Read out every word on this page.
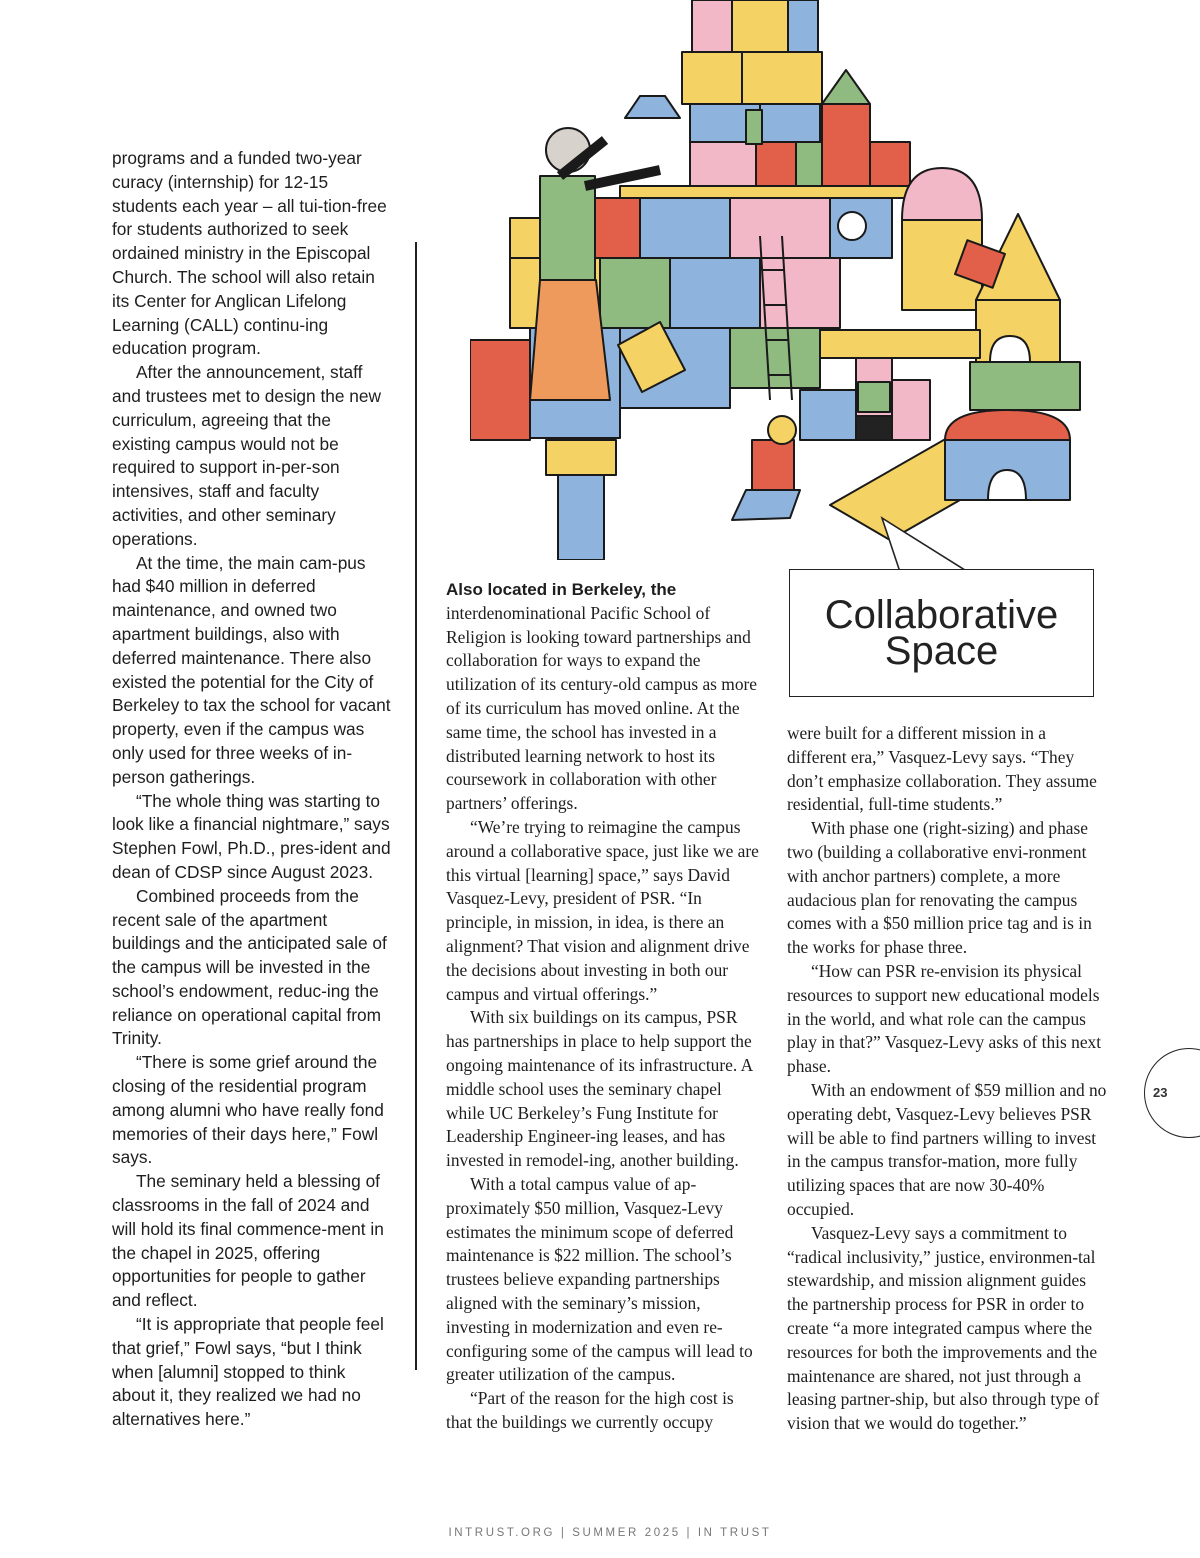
programs and a funded two-year curacy (internship) for 12-15 students each year – all tui-tion-free for students authorized to seek ordained ministry in the Episcopal Church. The school will also retain its Center for Anglican Lifelong Learning (CALL) continu-ing education program.

After the announcement, staff and trustees met to design the new curriculum, agreeing that the existing campus would not be required to support in-per-son intensives, staff and faculty activities, and other seminary operations.

At the time, the main cam-pus had $40 million in deferred maintenance, and owned two apartment buildings, also with deferred maintenance. There also existed the potential for the City of Berkeley to tax the school for vacant property, even if the campus was only used for three weeks of in-person gatherings.

“The whole thing was starting to look like a financial nightmare,” says Stephen Fowl, Ph.D., pres-ident and dean of CDSP since August 2023.

Combined proceeds from the recent sale of the apartment buildings and the anticipated sale of the campus will be invested in the school’s endowment, reduc-ing the reliance on operational capital from Trinity.

“There is some grief around the closing of the residential program among alumni who have really fond memories of their days here,” Fowl says.

The seminary held a blessing of classrooms in the fall of 2024 and will hold its final commence-ment in the chapel in 2025, offering opportunities for people to gather and reflect.

“It is appropriate that people feel that grief,” Fowl says, “but I think when [alumni] stopped to think about it, they realized we had no alternatives here.”

Collaborative
Space

Also located in Berkeley, the interdenominational Pacific School of Religion is looking toward partnerships and collaboration for ways to expand the utilization of its century-old campus as more of its curriculum has moved online. At the same time, the school has invested in a distributed learning network to host its coursework in collaboration with other partners’ offerings.

“We’re trying to reimagine the campus around a collaborative space, just like we are this virtual [learning] space,” says David Vasquez-Levy, president of PSR. “In principle, in mission, in idea, is there an alignment? That vision and alignment drive the decisions about investing in both our campus and virtual offerings.”

With six buildings on its campus, PSR has partnerships in place to help support the ongoing maintenance of its infrastructure. A middle school uses the seminary chapel while UC Berkeley’s Fung Institute for Leadership Engineer-ing leases, and has invested in remodel-ing, another building.

With a total campus value of ap-proximately $50 million, Vasquez-Levy estimates the minimum scope of deferred maintenance is $22 million. The school’s trustees believe expanding partnerships aligned with the seminary’s mission, investing in modernization and even re-configuring some of the campus will lead to greater utilization of the campus.

“Part of the reason for the high cost is that the buildings we currently occupy

were built for a different mission in a different era,” Vasquez-Levy says. “They don’t emphasize collaboration. They assume residential, full-time students.”

With phase one (right-sizing) and phase two (building a collaborative envi-ronment with anchor partners) complete, a more audacious plan for renovating the campus comes with a $50 million price tag and is in the works for phase three.

“How can PSR re-envision its physical resources to support new educational models in the world, and what role can the campus play in that?” Vasquez-Levy asks of this next phase.

With an endowment of $59 million and no operating debt, Vasquez-Levy believes PSR will be able to find partners willing to invest in the campus transfor-mation, more fully utilizing spaces that are now 30-40% occupied.

Vasquez-Levy says a commitment to “radical inclusivity,” justice, environmen-tal stewardship, and mission alignment guides the partnership process for PSR in order to create “a more integrated campus where the resources for both the improvements and the maintenance are shared, not just through a leasing partner-ship, but also through type of vision that we would do together.”

23
INTRUST.ORG | SUMMER 2025 | IN TRUST
